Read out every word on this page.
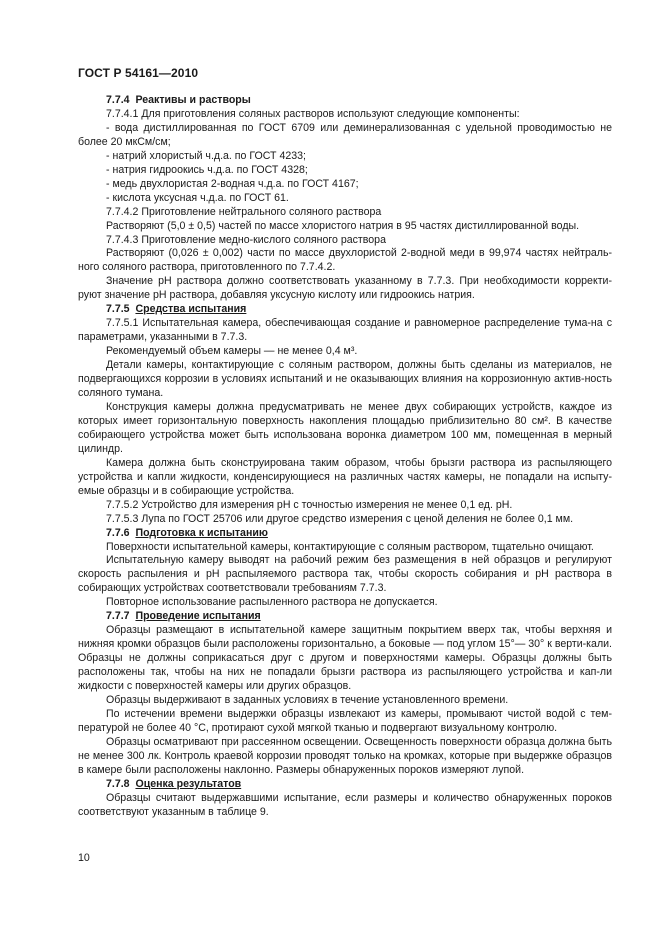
ГОСТ Р 54161—2010

7.7.4 Реактивы и растворы

7.7.4.1 Для приготовления соляных растворов используют следующие компоненты:

- вода дистиллированная по ГОСТ 6709 или деминерализованная с удельной проводимостью не более 20 мкСм/см;

- натрий хлористый ч.д.а. по ГОСТ 4233;

- натрия гидроокись ч.д.а. по ГОСТ 4328;

- медь двухлористая 2-водная ч.д.а. по ГОСТ 4167;

- кислота уксусная ч.д.а. по ГОСТ 61.

7.7.4.2 Приготовление нейтрального соляного раствора

Растворяют (5,0 ± 0,5) частей по массе хлористого натрия в 95 частях дистиллированной воды.

7.7.4.3 Приготовление медно-кислого соляного раствора

Растворяют (0,026 ± 0,002) части по массе двухлористой 2-водной меди в 99,974 частях нейтраль-ного соляного раствора, приготовленного по 7.7.4.2.

Значение pH раствора должно соответствовать указанному в 7.7.3. При необходимости корректи-руют значение pH раствора, добавляя уксусную кислоту или гидроокись натрия.

7.7.5 Средства испытания

7.7.5.1 Испытательная камера, обеспечивающая создание и равномерное распределение тума-на с параметрами, указанными в 7.7.3.

Рекомендуемый объем камеры — не менее 0,4 м³.

Детали камеры, контактирующие с соляным раствором, должны быть сделаны из материалов, не подвергающихся коррозии в условиях испытаний и не оказывающих влияния на коррозионную актив-ность соляного тумана.

Конструкция камеры должна предусматривать не менее двух собирающих устройств, каждое из которых имеет горизонтальную поверхность накопления площадью приблизительно 80 см². В качестве собирающего устройства может быть использована воронка диаметром 100 мм, помещенная в мерный цилиндр.

Камера должна быть сконструирована таким образом, чтобы брызги раствора из распыляющего устройства и капли жидкости, конденсирующиеся на различных частях камеры, не попадали на испыту-емые образцы и в собирающие устройства.

7.7.5.2 Устройство для измерения pH с точностью измерения не менее 0,1 ед. pH.

7.7.5.3 Лупа по ГОСТ 25706 или другое средство измерения с ценой деления не более 0,1 мм.

7.7.6 Подготовка к испытанию

Поверхности испытательной камеры, контактирующие с соляным раствором, тщательно очищают.

Испытательную камеру выводят на рабочий режим без размещения в ней образцов и регулируют скорость распыления и pH распыляемого раствора так, чтобы скорость собирания и pH раствора в собирающих устройствах соответствовали требованиям 7.7.3.

Повторное использование распыленного раствора не допускается.

7.7.7 Проведение испытания

Образцы размещают в испытательной камере защитным покрытием вверх так, чтобы верхняя и нижняя кромки образцов были расположены горизонтально, а боковые — под углом 15°— 30° к верти-кали. Образцы не должны соприкасаться друг с другом и поверхностями камеры. Образцы должны быть расположены так, чтобы на них не попадали брызги раствора из распыляющего устройства и кап-ли жидкости с поверхностей камеры или других образцов.

Образцы выдерживают в заданных условиях в течение установленного времени.

По истечении времени выдержки образцы извлекают из камеры, промывают чистой водой с тем-пературой не более 40 °С, протирают сухой мягкой тканью и подвергают визуальному контролю.

Образцы осматривают при рассеянном освещении. Освещенность поверхности образца должна быть не менее 300 лк. Контроль краевой коррозии проводят только на кромках, которые при выдержке образцов в камере были расположены наклонно. Размеры обнаруженных пороков измеряют лупой.

7.7.8 Оценка результатов

Образцы считают выдержавшими испытание, если размеры и количество обнаруженных пороков соответствуют указанным в таблице 9.

10
